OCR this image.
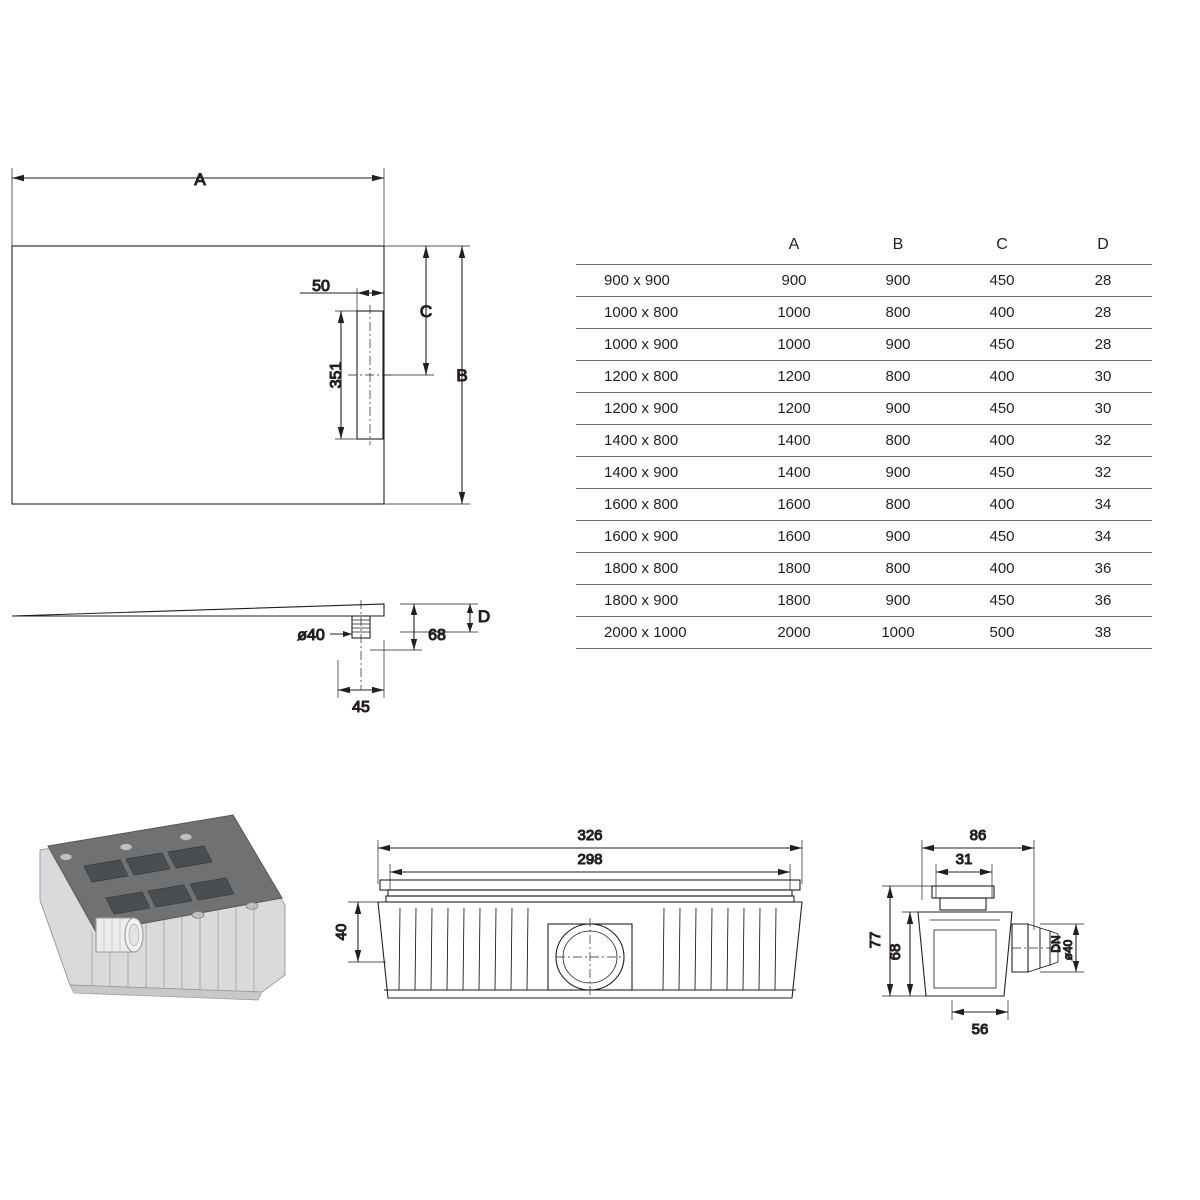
A
B
C
50
351
D
ø40	68
45
326
298
40
86
31
DN
ø40
77
68
56
	A	B	C	D
900 x 900	900	900	450	28
1000 x 800	1000	800	400	28
1000 x 900	1000	900	450	28
1200 x 800	1200	800	400	30
1200 x 900	1200	900	450	30
1400 x 800	1400	800	400	32
1400 x 900	1400	900	450	32
1600 x 800	1600	800	400	34
1600 x 900	1600	900	450	34
1800 x 800	1800	800	400	36
1800 x 900	1800	900	450	36
2000 x 1000	2000	1000	500	38
